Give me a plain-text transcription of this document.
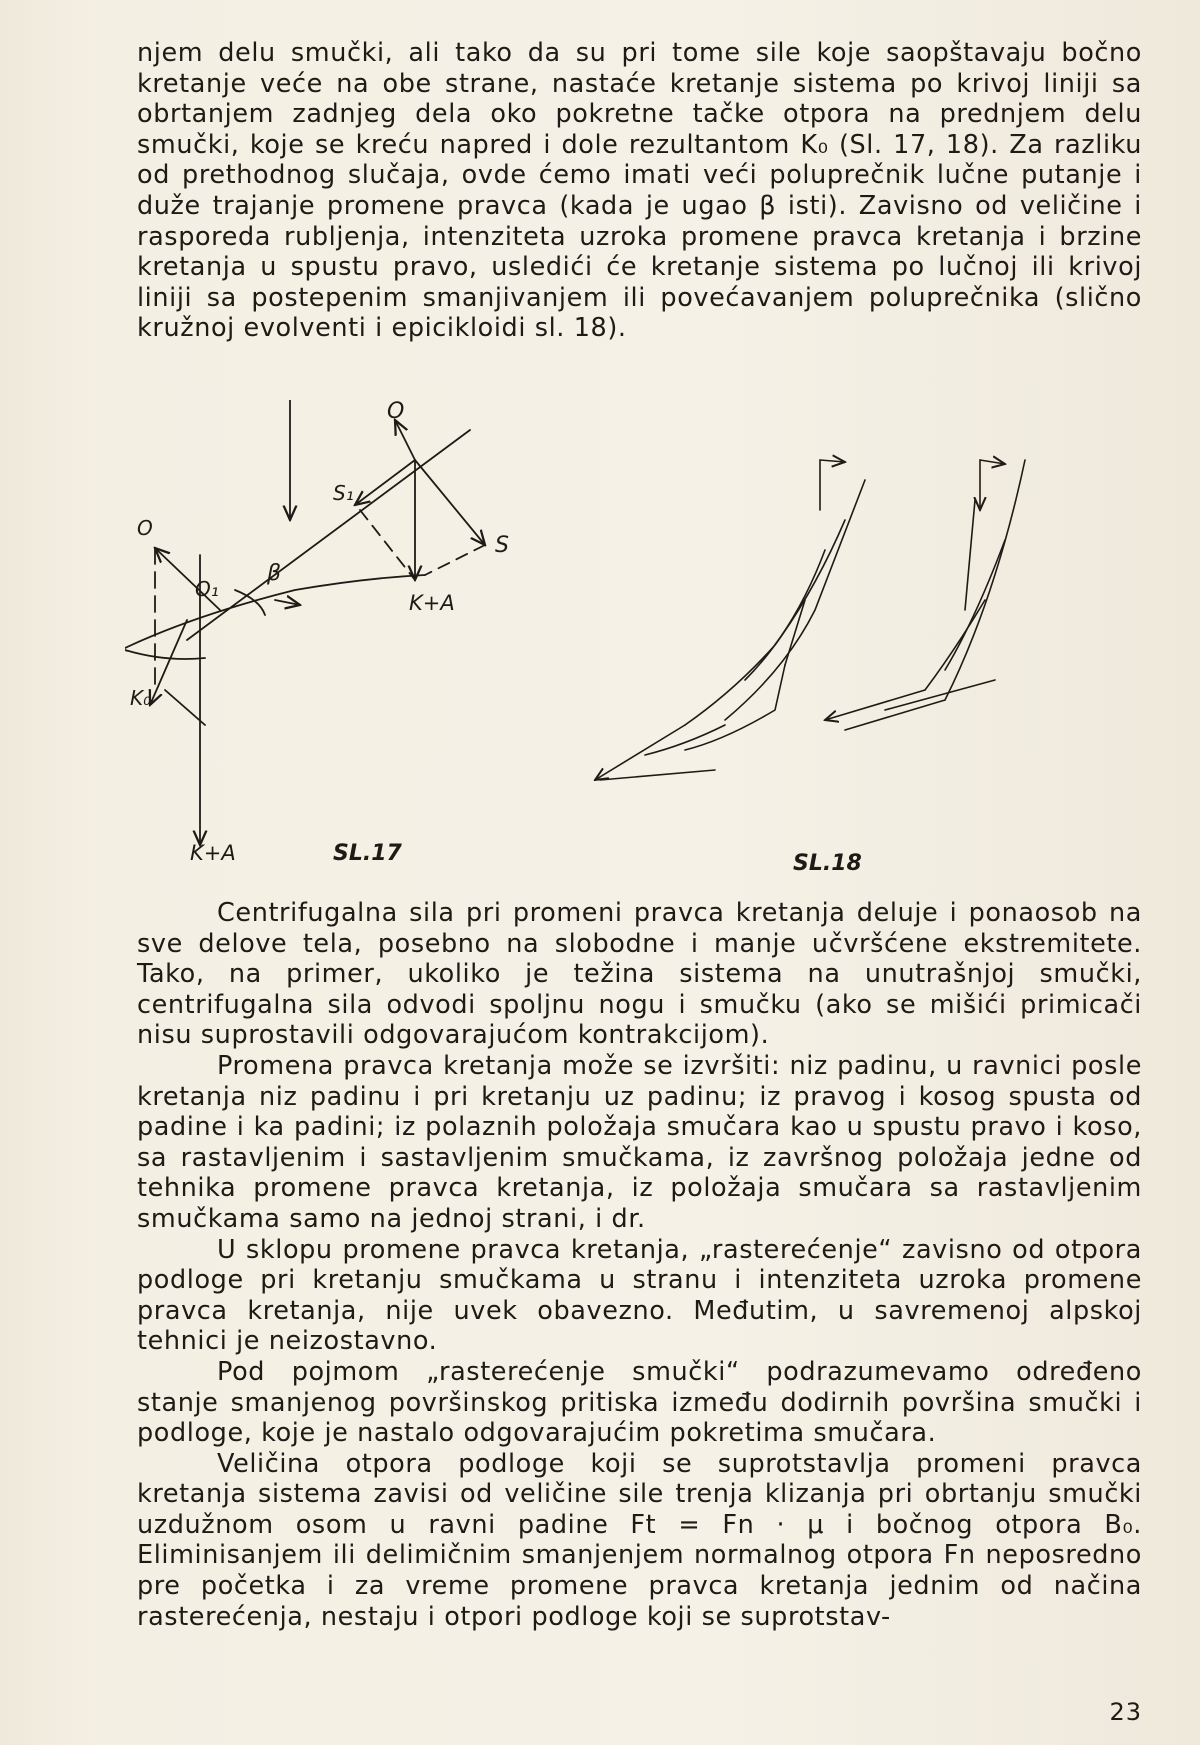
njem delu smučki, ali tako da su pri tome sile koje saopštavaju bočno kretanje veće na obe strane, nastaće kretanje sistema po krivoj liniji sa obrtanjem zadnjeg dela oko pokretne tačke otpora na prednjem delu smučki, koje se kreću napred i dole rezultantom K₀ (Sl. 17, 18). Za razliku od prethodnog slučaja, ovde ćemo imati veći poluprečnik lučne putanje i duže trajanje promene pravca (kada je ugao β isti). Zavisno od veličine i rasporeda rubljenja, intenziteta uzroka promene pravca kretanja i brzine kretanja u spustu pravo, usledići će kretanje sistema po lučnoj ili krivoj liniji sa postepenim smanjivanjem ili povećavanjem poluprečnika (slično kružnoj evolventi i epicikloidi sl. 18).

O
S₁
S
K+A
O
O₁
β
K₀
K+A	SL.17	SL.18

Centrifugalna sila pri promeni pravca kretanja deluje i ponaosob na sve delove tela, posebno na slobodne i manje učvršćene ekstremitete. Tako, na primer, ukoliko je težina sistema na unutrašnjoj smučki, centrifugalna sila odvodi spoljnu nogu i smučku (ako se mišići primicači nisu suprostavili odgovarajućom kontrakcijom).

Promena pravca kretanja može se izvršiti: niz padinu, u ravnici posle kretanja niz padinu i pri kretanju uz padinu; iz pravog i kosog spusta od padine i ka padini; iz polaznih položaja smučara kao u spustu pravo i koso, sa rastavljenim i sastavljenim smučkama, iz završnog položaja jedne od tehnika promene pravca kretanja, iz položaja smučara sa rastavljenim smučkama samo na jednoj strani, i dr.

U sklopu promene pravca kretanja, „rasterećenje“ zavisno od otpora podloge pri kretanju smučkama u stranu i intenziteta uzroka promene pravca kretanja, nije uvek obavezno. Međutim, u savremenoj alpskoj tehnici je neizostavno.

Pod pojmom „rasterećenje smučki“ podrazumevamo određeno stanje smanjenog površinskog pritiska između dodirnih površina smučki i podloge, koje je nastalo odgovarajućim pokretima smučara.

Veličina otpora podloge koji se suprotstavlja promeni pravca kretanja sistema zavisi od veličine sile trenja klizanja pri obrtanju smučki uzdužnom osom u ravni padine Ft = Fn · μ i bočnog otpora B₀. Eliminisanjem ili delimičnim smanjenjem normalnog otpora Fn neposredno pre početka i za vreme promene pravca kretanja jednim od načina rasterećenja, nestaju i otpori podloge koji se suprotstav-

23
